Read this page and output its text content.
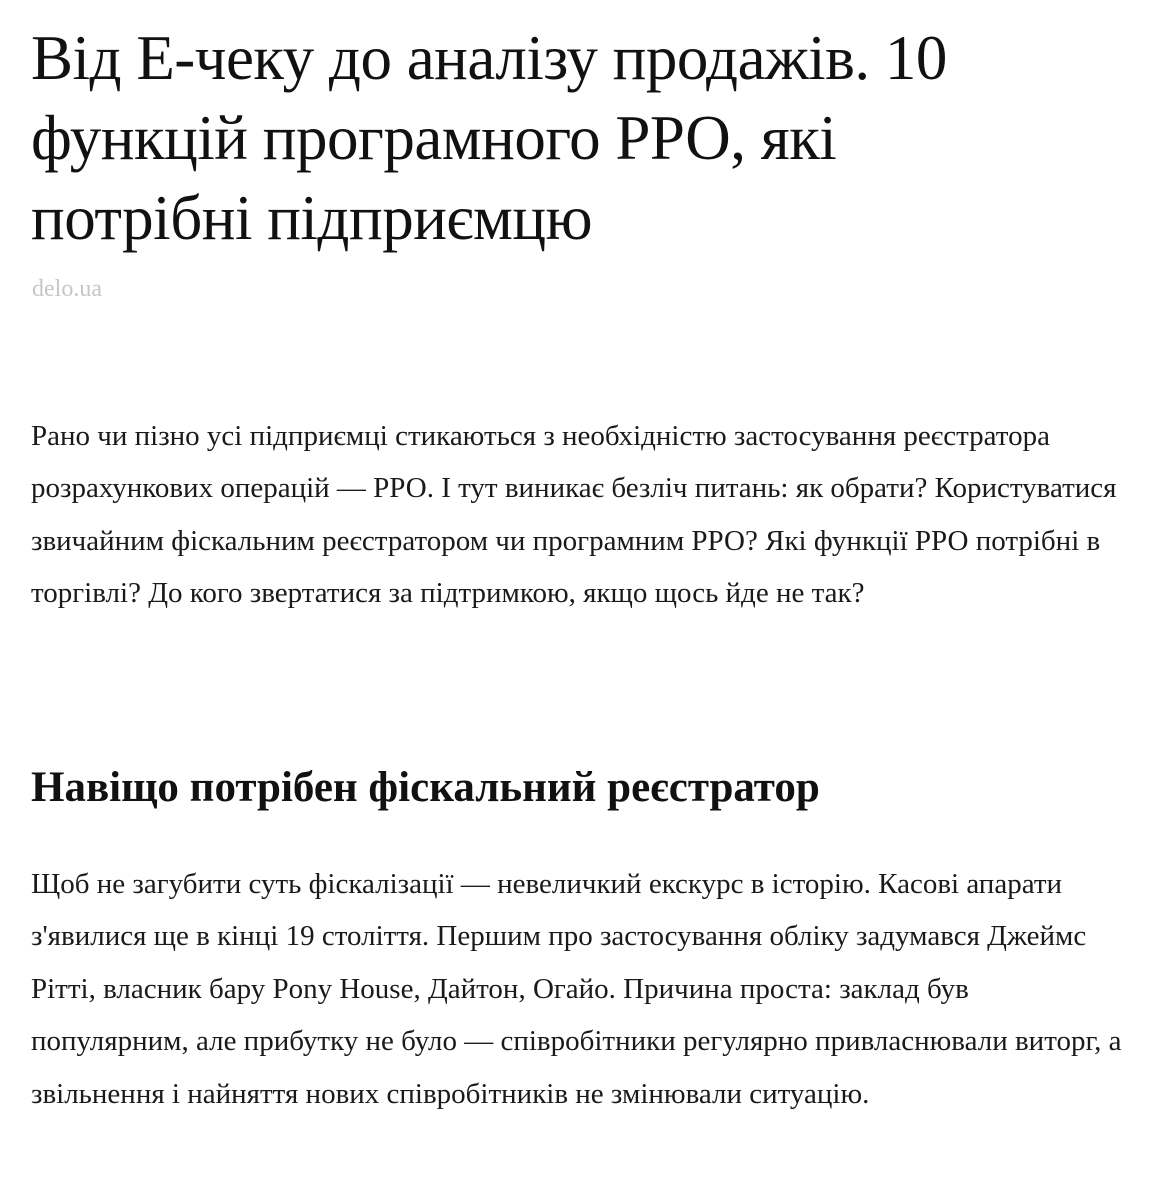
Від Е-чеку до аналізу продажів. 10 функцій програмного РРО, які потрібні підприємцю

delo.ua

Рано чи пізно усі підприємці стикаються з необхідністю застосування реєстратора розрахункових операцій — РРО. І тут виникає безліч питань: як обрати? Користуватися звичайним фіскальним реєстратором чи програмним РРО? Які функції РРО потрібні в торгівлі? До кого звертатися за підтримкою, якщо щось йде не так?

Навіщо потрібен фіскальний реєстратор

Щоб не загубити суть фіскалізації — невеличкий екскурс в історію. Касові апарати з'явилися ще в кінці 19 століття. Першим про застосування обліку задумався Джеймс Рітті, власник бару Pony House, Дайтон, Огайо. Причина проста: заклад був популярним, але прибутку не було — співробітники регулярно привласнювали виторг, а звільнення і найняття нових співробітників не змінювали ситуацію.
